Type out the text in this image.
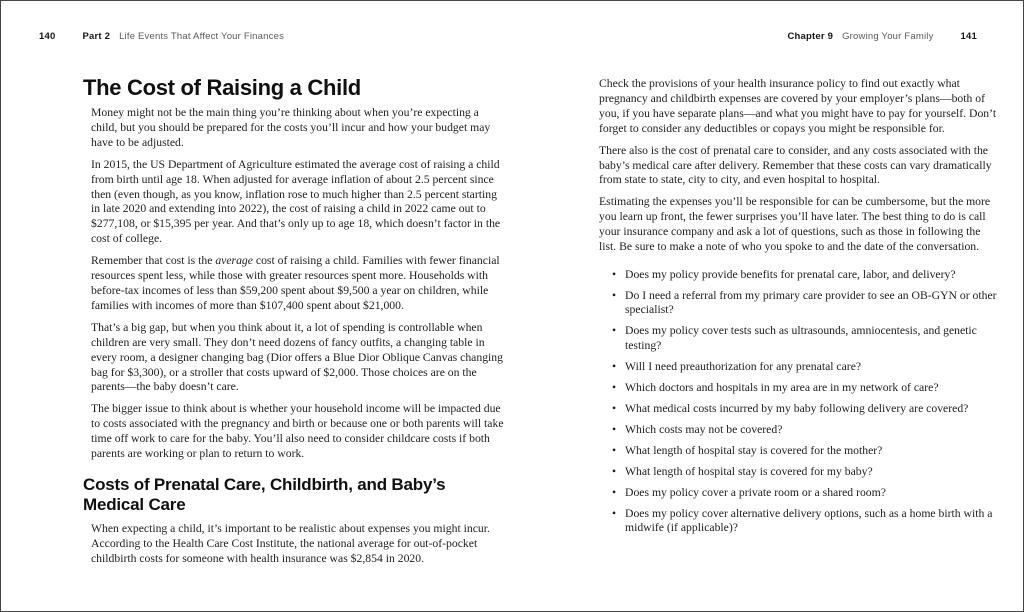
140	Part 2 Life Events That Affect Your Finances	Chapter 9 Growing Your Family	141
The Cost of Raising a Child

Money might not be the main thing you’re thinking about when you’re expecting a child, but you should be prepared for the costs you’ll incur and how your budget may have to be adjusted.

In 2015, the US Department of Agriculture estimated the average cost of raising a child from birth until age 18. When adjusted for average inflation of about 2.5 percent since then (even though, as you know, inflation rose to much higher than 2.5 percent starting in late 2020 and extending into 2022), the cost of raising a child in 2022 came out to $277,108, or $15,395 per year. And that’s only up to age 18, which doesn’t factor in the cost of college.

Remember that cost is the average cost of raising a child. Families with fewer financial resources spent less, while those with greater resources spent more. Households with before-tax incomes of less than $59,200 spent about $9,500 a year on children, while families with incomes of more than $107,400 spent about $21,000.

That’s a big gap, but when you think about it, a lot of spending is controllable when children are very small. They don’t need dozens of fancy outfits, a changing table in every room, a designer changing bag (Dior offers a Blue Dior Oblique Canvas changing bag for $3,300), or a stroller that costs upward of $2,000. Those choices are on the parents—the baby doesn’t care.

The bigger issue to think about is whether your household income will be impacted due to costs associated with the pregnancy and birth or because one or both parents will take time off work to care for the baby. You’ll also need to consider childcare costs if both parents are working or plan to return to work.

Costs of Prenatal Care, Childbirth, and Baby’s Medical Care

When expecting a child, it’s important to be realistic about expenses you might incur. According to the Health Care Cost Institute, the national average for out-of-pocket childbirth costs for someone with health insurance was $2,854 in 2020.

Check the provisions of your health insurance policy to find out exactly what pregnancy and childbirth expenses are covered by your employer’s plans—both of you, if you have separate plans—and what you might have to pay for yourself. Don’t forget to consider any deductibles or copays you might be responsible for.

There also is the cost of prenatal care to consider, and any costs associated with the baby’s medical care after delivery. Remember that these costs can vary dramatically from state to state, city to city, and even hospital to hospital.

Estimating the expenses you’ll be responsible for can be cumbersome, but the more you learn up front, the fewer surprises you’ll have later. The best thing to do is call your insurance company and ask a lot of questions, such as those in following the list. Be sure to make a note of who you spoke to and the date of the conversation.

• Does my policy provide benefits for prenatal care, labor, and delivery?
• Do I need a referral from my primary care provider to see an OB-GYN or other specialist?
• Does my policy cover tests such as ultrasounds, amniocentesis, and genetic testing?
• Will I need preauthorization for any prenatal care?
• Which doctors and hospitals in my area are in my network of care?
• What medical costs incurred by my baby following delivery are covered?
• Which costs may not be covered?
• What length of hospital stay is covered for the mother?
• What length of hospital stay is covered for my baby?
• Does my policy cover a private room or a shared room?
• Does my policy cover alternative delivery options, such as a home birth with a midwife (if applicable)?
